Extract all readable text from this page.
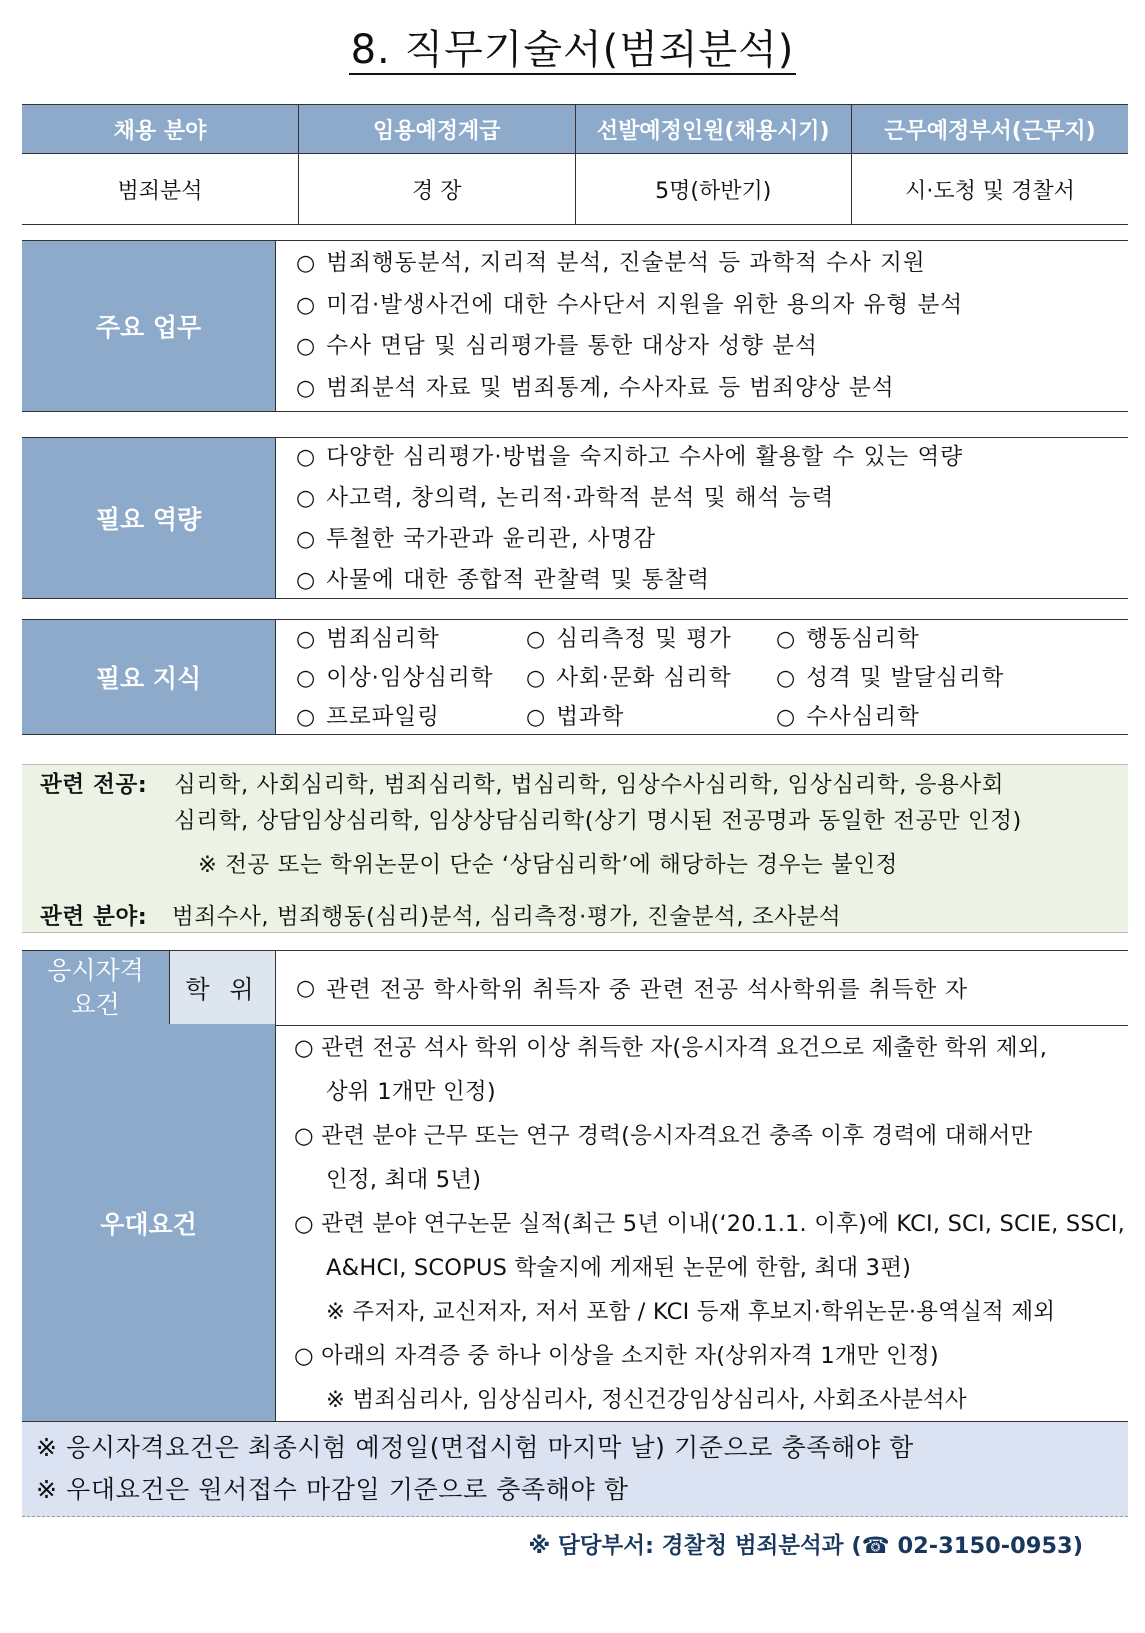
8. 직무기술서(범죄분석)
채용 분야	임용예정계급	선발예정인원(채용시기)	근무예정부서(근무지)
범죄분석	경 장	5명(하반기)	시·도청 및 경찰서
주요 업무
○ 범죄행동분석, 지리적 분석, 진술분석 등 과학적 수사 지원
○ 미검·발생사건에 대한 수사단서 지원을 위한 용의자 유형 분석
○ 수사 면담 및 심리평가를 통한 대상자 성향 분석
○ 범죄분석 자료 및 범죄통계, 수사자료 등 범죄양상 분석
필요 역량
○ 다양한 심리평가·방법을 숙지하고 수사에 활용할 수 있는 역량
○ 사고력, 창의력, 논리적·과학적 분석 및 해석 능력
○ 투철한 국가관과 윤리관, 사명감
○ 사물에 대한 종합적 관찰력 및 통찰력
필요 지식
○ 범죄심리학	○ 심리측정 및 평가	○ 행동심리학
○ 이상·임상심리학	○ 사회·문화 심리학	○ 성격 및 발달심리학
○ 프로파일링	○ 법과학	○ 수사심리학
관련 전공: 심리학, 사회심리학, 범죄심리학, 법심리학, 임상수사심리학, 임상심리학, 응용사회
심리학, 상담임상심리학, 임상상담심리학(상기 명시된 전공명과 동일한 전공만 인정)
※ 전공 또는 학위논문이 단순 ‘상담심리학’에 해당하는 경우는 불인정
관련 분야: 범죄수사, 범죄행동(심리)분석, 심리측정·평가, 진술분석, 조사분석
응시자격
요건
학 위	○ 관련 전공 학사학위 취득자 중 관련 전공 석사학위를 취득한 자
우대요건
○ 관련 전공 석사 학위 이상 취득한 자(응시자격 요건으로 제출한 학위 제외,
상위 1개만 인정)
○ 관련 분야 근무 또는 연구 경력(응시자격요건 충족 이후 경력에 대해서만
인정, 최대 5년)
○ 관련 분야 연구논문 실적(최근 5년 이내(‘20.1.1. 이후)에 KCI, SCI, SCIE, SSCI,
A&HCI, SCOPUS 학술지에 게재된 논문에 한함, 최대 3편)
※ 주저자, 교신저자, 저서 포함 / KCI 등재 후보지·학위논문·용역실적 제외
○ 아래의 자격증 중 하나 이상을 소지한 자(상위자격 1개만 인정)
※ 범죄심리사, 임상심리사, 정신건강임상심리사, 사회조사분석사
※ 응시자격요건은 최종시험 예정일(면접시험 마지막 날) 기준으로 충족해야 함
※ 우대요건은 원서접수 마감일 기준으로 충족해야 함
※ 담당부서: 경찰청 범죄분석과 (☎ 02-3150-0953)
